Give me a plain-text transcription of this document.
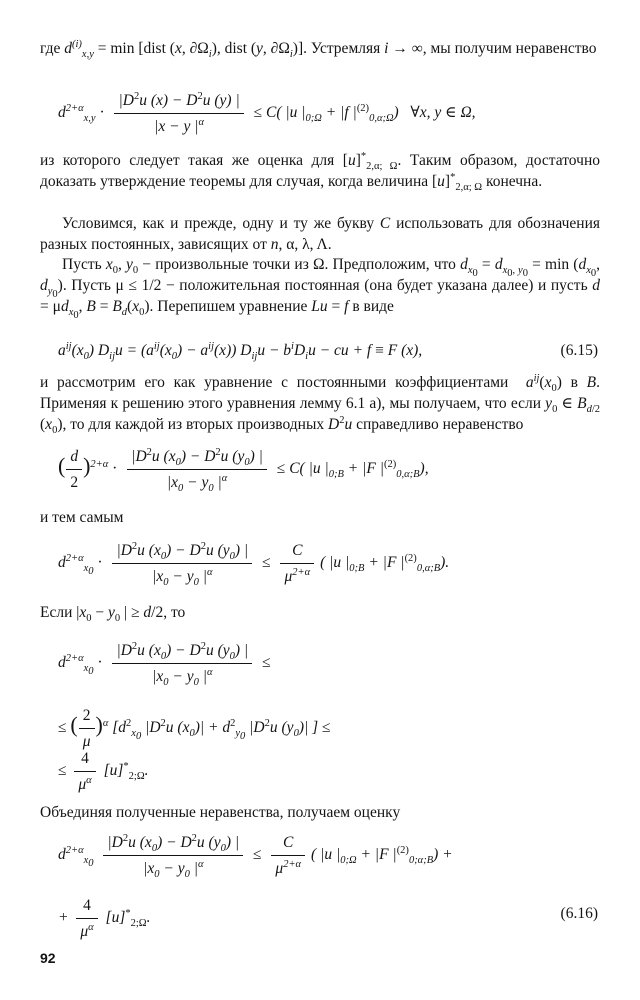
где $d^{(i)}_{x,y} = \min$ [dist (x, $\partial\Omega_i$), dist (y, $\partial\Omega_i$)]. Устремляя i → ∞, мы получим неравенство
$d^{2+\alpha}_{x,y} \cdot \frac{|D^2u (x) - D^2u (y) |}{|x - y |^\alpha} \le C$( |u $|_{0;\Omega} + |f$ $|^{(2)}_{0,\alpha;\Omega}$)   ∀x, y ∈ Ω,
из которого следует такая же оценка для $[u]^*_{2,\alpha; \Omega}$. Таким образом, достаточно доказать утверждение теоремы для случая, когда величина $[u]^*_{2,\alpha; \Omega}$ конечна.
Условимся, как и прежде, одну и ту же букву C использовать для обозначения разных постоянных, зависящих от n, α, λ, Λ.
Пусть $x_0$, $y_0$ − произвольные точки из Ω. Предположим, что $d_{x_0} = d_{x_0, y_0} = \min (d_{x_0}$, $d_{y_0}$). Пусть μ ≤ 1/2 − положительная постоянная (она будет указана далее) и пусть $d = \mu d_{x_0}$, $B = B_d(x_0)$. Перепишем уравнение Lu = f в виде
$a^{ij}(x_0) D_{ij}u = (a^{ij}(x_0) - a^{ij}(x)) D_{ij}u - b^iD_iu$ − cu + f ≡ F (x),	(6.15)
и рассмотрим его как уравнение с постоянными коэффициентами  $a^{ij}(x_0)$ в B. Применяя к решению этого уравнения лемму 6.1 а), мы получаем, что если $y_0$ ∈ $B_{d/2}$ $(x_0)$, то для каждой из вторых производных $D^2u$ справедливо неравенство
( $\frac{d}{2} )^{2+\alpha} \cdot \frac{|D^2u (x_0) - D^2u (y_0) |}{|x_0 - y_0 |^\alpha} \le C$( |u $|_{0;B} + |F$ $|^{(2)}_{0,\alpha;B}$),
и тем самым
$d^{2+\alpha}_{x_0} \cdot \frac{|D^2u (x_0) - D^2u (y_0) |}{|x_0 - y_0 |^\alpha} \le \frac{C}{\mu^{2+\alpha}}$ ( |u $|_{0;B} + |F$ $|^{(2)}_{0,\alpha;B}$).
Если $|x_0 - y_0$ | ≥ d/2, то
$d^{2+\alpha}_{x_0} \cdot \frac{|D^2u (x_0) - D^2u (y_0) |}{|x_0 - y_0 |^\alpha}$ ≤
≤ ( $\frac{2}{\mu} )^\alpha$ [$d^2_{x_0}$ $|D^2u$ $(x_0)| + d^2_{y_0}$ $|D^2u$ $(y_0)|$ ] ≤
≤ $\frac{4}{\mu^\alpha} [u]^*_{2;\Omega}$.
Объединяя полученные неравенства, получаем оценку
$d^{2+\alpha}_{x_0} \frac{|D^2u (x_0) - D^2u (y_0) |}{|x_0 - y_0 |^\alpha} \le \frac{C}{\mu^{2+\alpha}}$ ( |u $|_{0;\Omega} + |F$ $|^{(2)}_{0;\alpha;B}$) +
+ $\frac{4}{\mu^\alpha} [u]^*_{2;\Omega}$.	(6.16)
92
